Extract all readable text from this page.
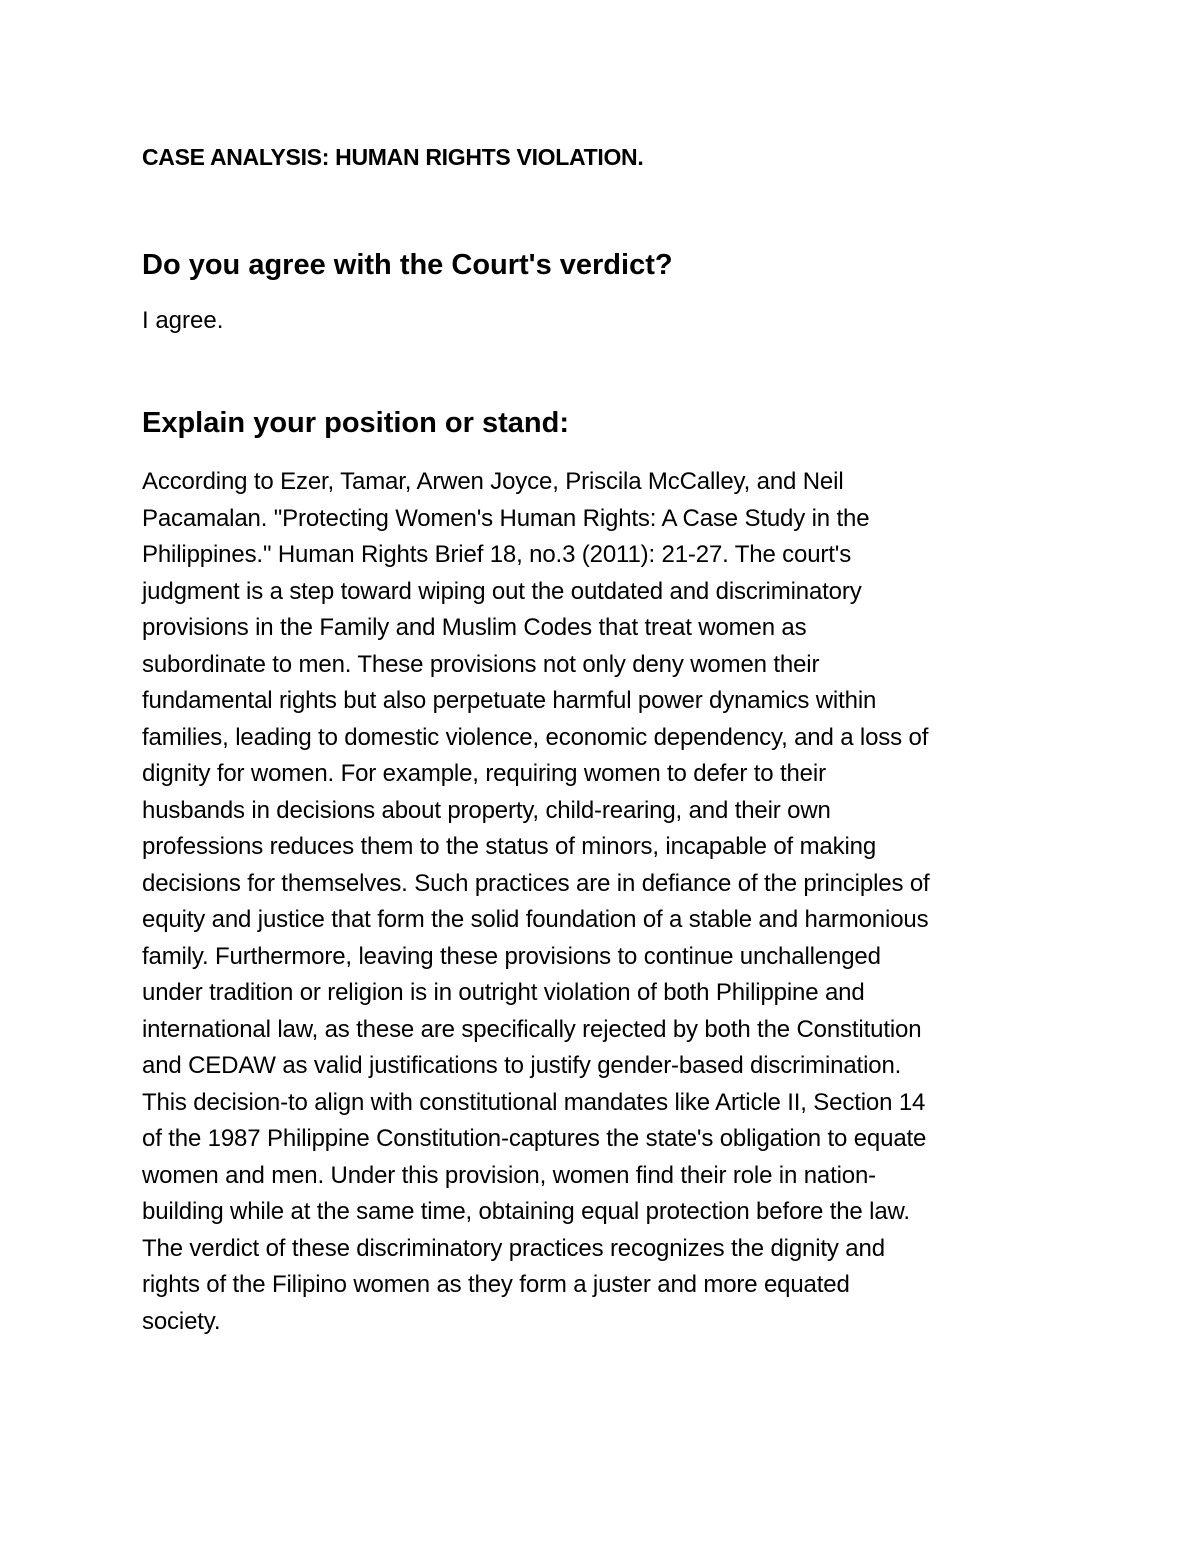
CASE ANALYSIS: HUMAN RIGHTS VIOLATION.
Do you agree with the Court's verdict?

I agree.

Explain your position or stand:
According to Ezer, Tamar, Arwen Joyce, Priscila McCalley, and Neil
Pacamalan. "Protecting Women's Human Rights: A Case Study in the
Philippines." Human Rights Brief 18, no.3 (2011): 21-27. The court's
judgment is a step toward wiping out the outdated and discriminatory
provisions in the Family and Muslim Codes that treat women as
subordinate to men. These provisions not only deny women their
fundamental rights but also perpetuate harmful power dynamics within
families, leading to domestic violence, economic dependency, and a loss of
dignity for women. For example, requiring women to defer to their
husbands in decisions about property, child-rearing, and their own
professions reduces them to the status of minors, incapable of making
decisions for themselves. Such practices are in defiance of the principles of
equity and justice that form the solid foundation of a stable and harmonious
family. Furthermore, leaving these provisions to continue unchallenged
under tradition or religion is in outright violation of both Philippine and
international law, as these are specifically rejected by both the Constitution
and CEDAW as valid justifications to justify gender-based discrimination.
This decision-to align with constitutional mandates like Article II, Section 14
of the 1987 Philippine Constitution-captures the state's obligation to equate
women and men. Under this provision, women find their role in nation-
building while at the same time, obtaining equal protection before the law.
The verdict of these discriminatory practices recognizes the dignity and
rights of the Filipino women as they form a juster and more equated
society.
